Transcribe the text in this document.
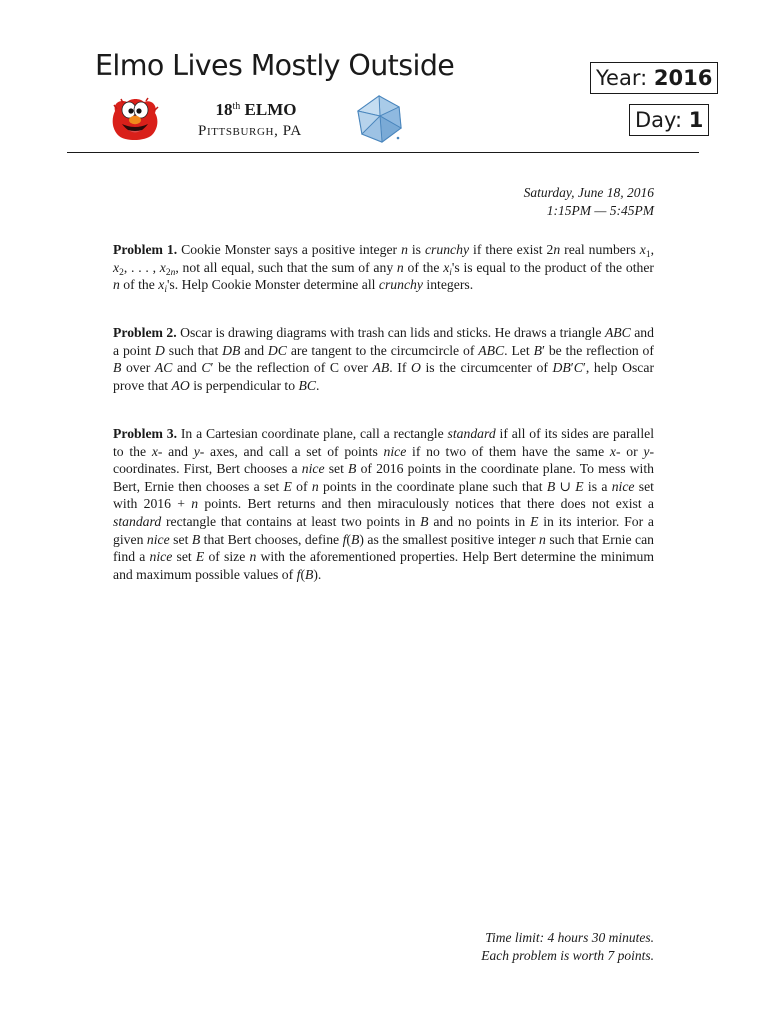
Elmo Lives Mostly Outside	Year: 2016
Day: 1
18th ELMO
Pittsburgh, PA
Saturday, June 18, 2016
1:15PM — 5:45PM
Problem 1. Cookie Monster says a positive integer n is crunchy if there exist 2n real numbers $x_1$, $x_2$, . . . , $x_{2n}$, not all equal, such that the sum of any n of the $x_i's$ is equal to the product of the other n of the $x_i's$. Help Cookie Monster determine all crunchy integers.
Problem 2. Oscar is drawing diagrams with trash can lids and sticks. He draws a triangle ABC and a point D such that DB and DC are tangent to the circumcircle of ABC. Let B′ be the reflection of B over AC and C′ be the reflection of C over AB. If O is the circumcenter of DB′C′, help Oscar prove that AO is perpendicular to BC.
Problem 3. In a Cartesian coordinate plane, call a rectangle standard if all of its sides are parallel to the x- and y- axes, and call a set of points nice if no two of them have the same x- or y- coordinates. First, Bert chooses a nice set B of 2016 points in the coordinate plane. To mess with Bert, Ernie then chooses a set E of n points in the coordinate plane such that B ∪ E is a nice set with 2016 + n points. Bert returns and then miraculously notices that there does not exist a standard rectangle that contains at least two points in B and no points in E in its interior. For a given nice set B that Bert chooses, define f(B) as the smallest positive integer n such that Ernie can find a nice set E of size n with the aforementioned properties. Help Bert determine the minimum and maximum possible values of f(B).
Time limit: 4 hours 30 minutes.
Each problem is worth 7 points.
